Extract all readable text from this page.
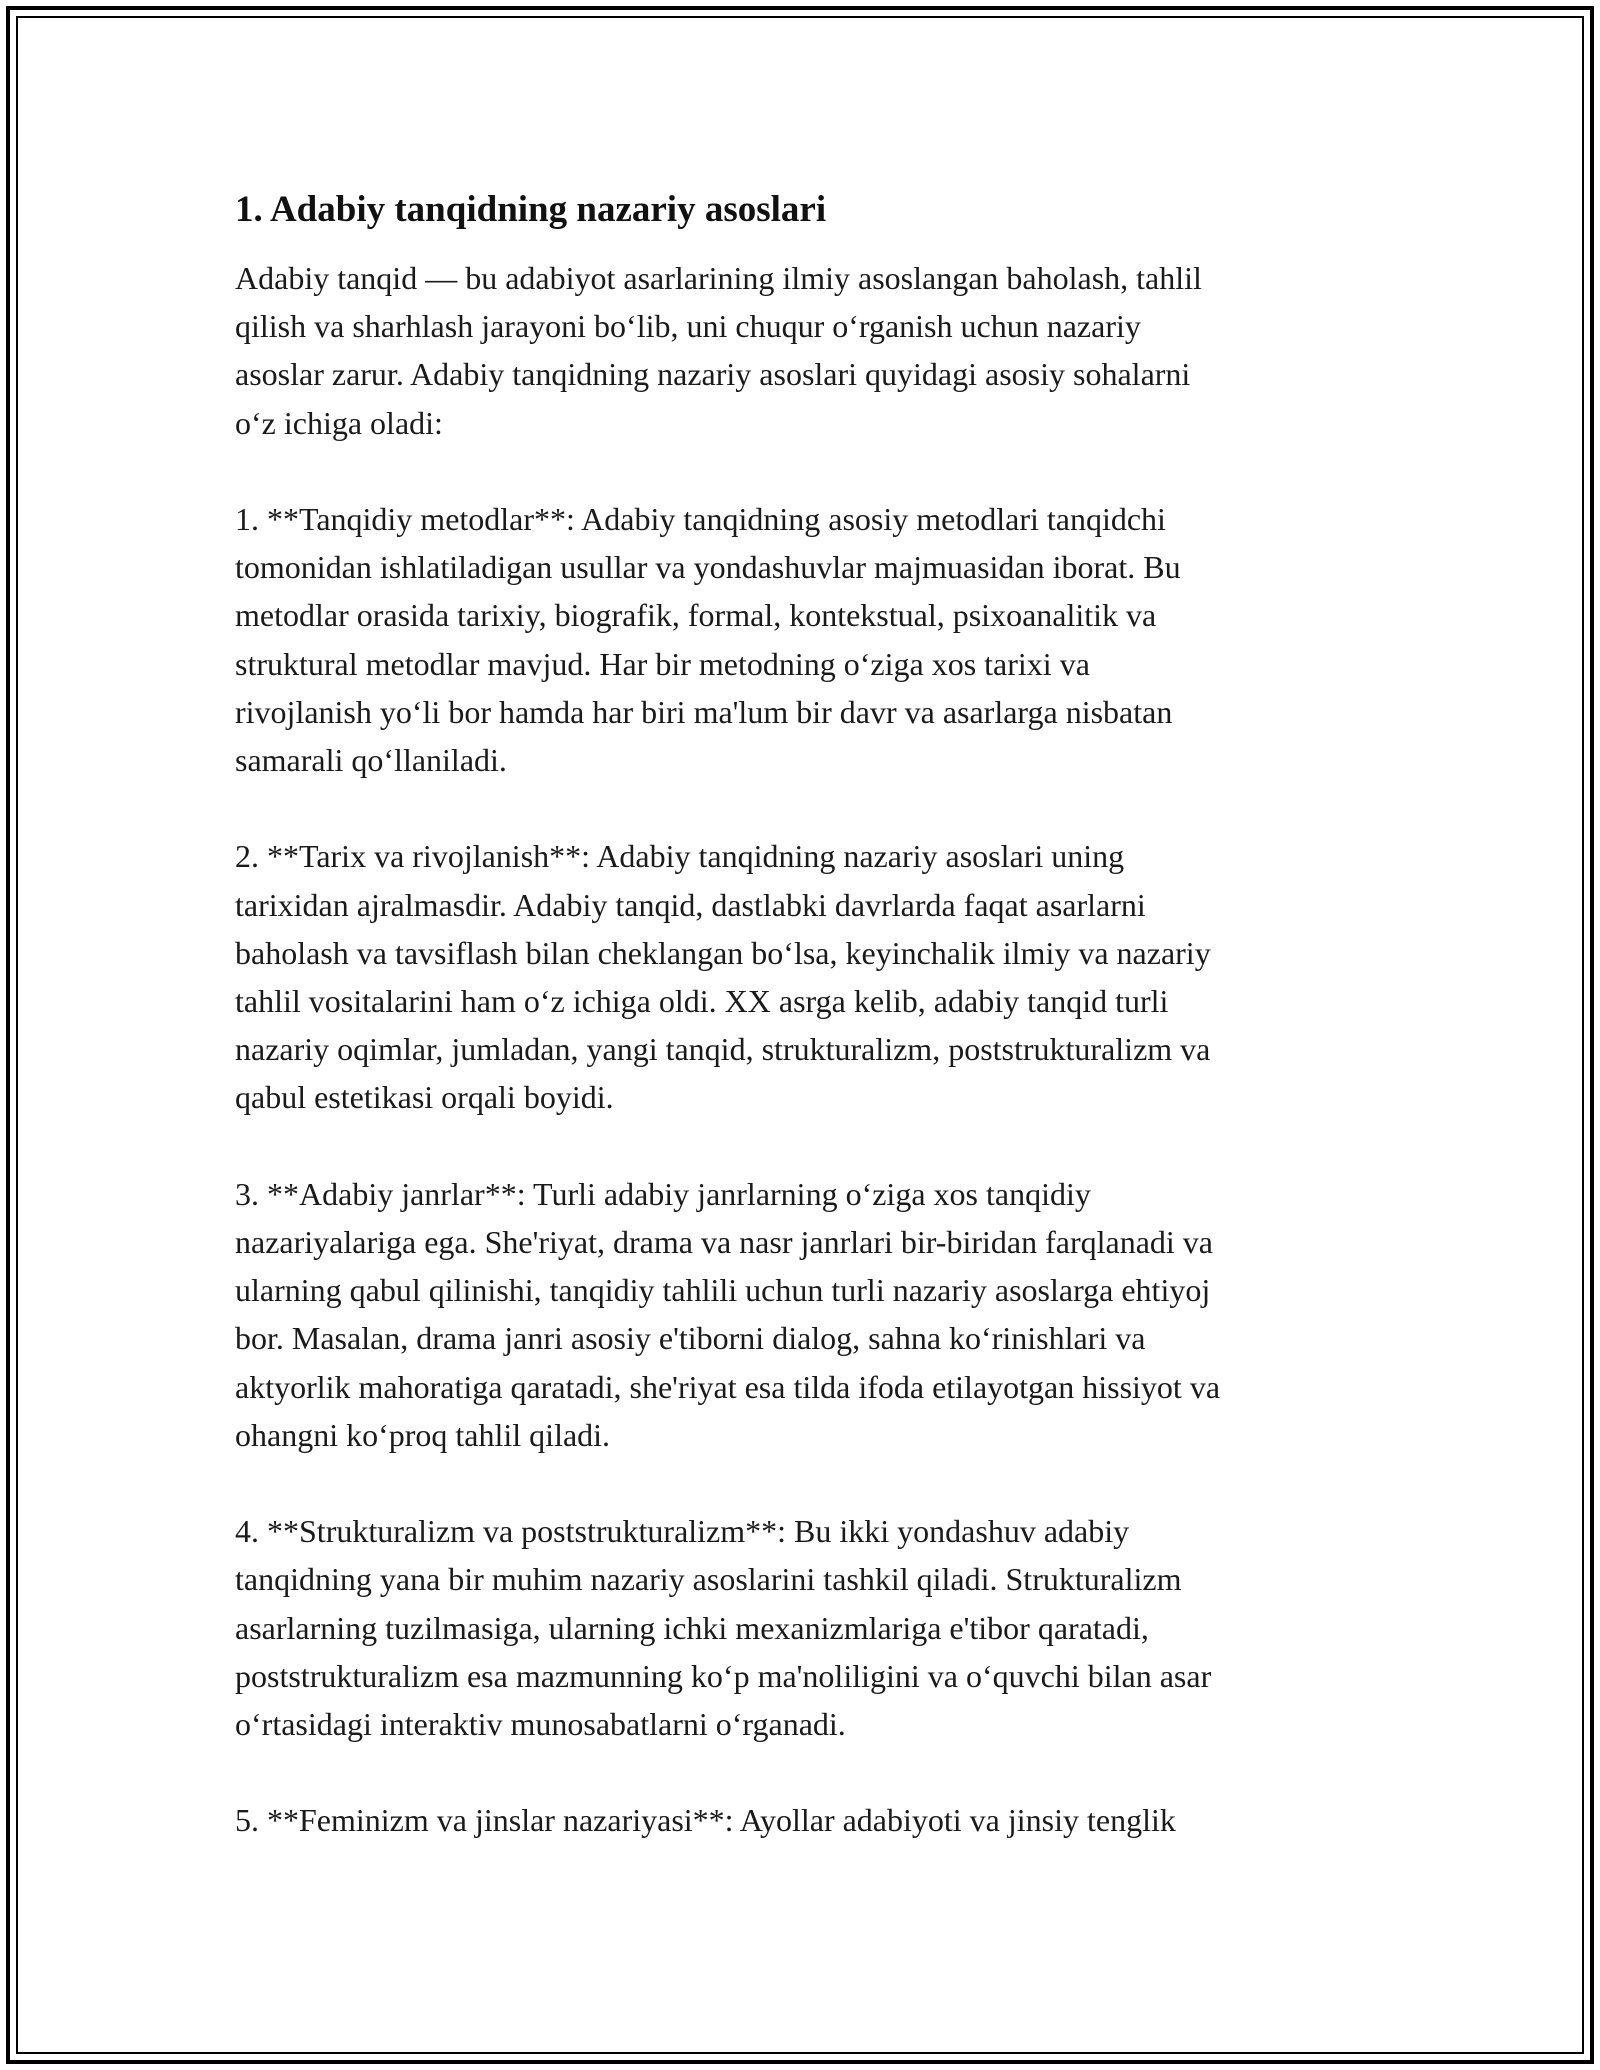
1. Adabiy tanqidning nazariy asoslari
Adabiy tanqid — bu adabiyot asarlarining ilmiy asoslangan baholash, tahlil
qilish va sharhlash jarayoni bo‘lib, uni chuqur o‘rganish uchun nazariy
asoslar zarur. Adabiy tanqidning nazariy asoslari quyidagi asosiy sohalarni
o‘z ichiga oladi:
1. **Tanqidiy metodlar**: Adabiy tanqidning asosiy metodlari tanqidchi
tomonidan ishlatiladigan usullar va yondashuvlar majmuasidan iborat. Bu
metodlar orasida tarixiy, biografik, formal, kontekstual, psixoanalitik va
struktural metodlar mavjud. Har bir metodning o‘ziga xos tarixi va
rivojlanish yo‘li bor hamda har biri ma'lum bir davr va asarlarga nisbatan
samarali qo‘llaniladi.
2. **Tarix va rivojlanish**: Adabiy tanqidning nazariy asoslari uning
tarixidan ajralmasdir. Adabiy tanqid, dastlabki davrlarda faqat asarlarni
baholash va tavsiflash bilan cheklangan bo‘lsa, keyinchalik ilmiy va nazariy
tahlil vositalarini ham o‘z ichiga oldi. XX asrga kelib, adabiy tanqid turli
nazariy oqimlar, jumladan, yangi tanqid, strukturalizm, poststrukturalizm va
qabul estetikasi orqali boyidi.
3. **Adabiy janrlar**: Turli adabiy janrlarning o‘ziga xos tanqidiy
nazariyalariga ega. She'riyat, drama va nasr janrlari bir-biridan farqlanadi va
ularning qabul qilinishi, tanqidiy tahlili uchun turli nazariy asoslarga ehtiyoj
bor. Masalan, drama janri asosiy e'tiborni dialog, sahna ko‘rinishlari va
aktyorlik mahoratiga qaratadi, she'riyat esa tilda ifoda etilayotgan hissiyot va
ohangni ko‘proq tahlil qiladi.
4. **Strukturalizm va poststrukturalizm**: Bu ikki yondashuv adabiy
tanqidning yana bir muhim nazariy asoslarini tashkil qiladi. Strukturalizm
asarlarning tuzilmasiga, ularning ichki mexanizmlariga e'tibor qaratadi,
poststrukturalizm esa mazmunning ko‘p ma'noliligini va o‘quvchi bilan asar
o‘rtasidagi interaktiv munosabatlarni o‘rganadi.
5. **Feminizm va jinslar nazariyasi**: Ayollar adabiyoti va jinsiy tenglik
